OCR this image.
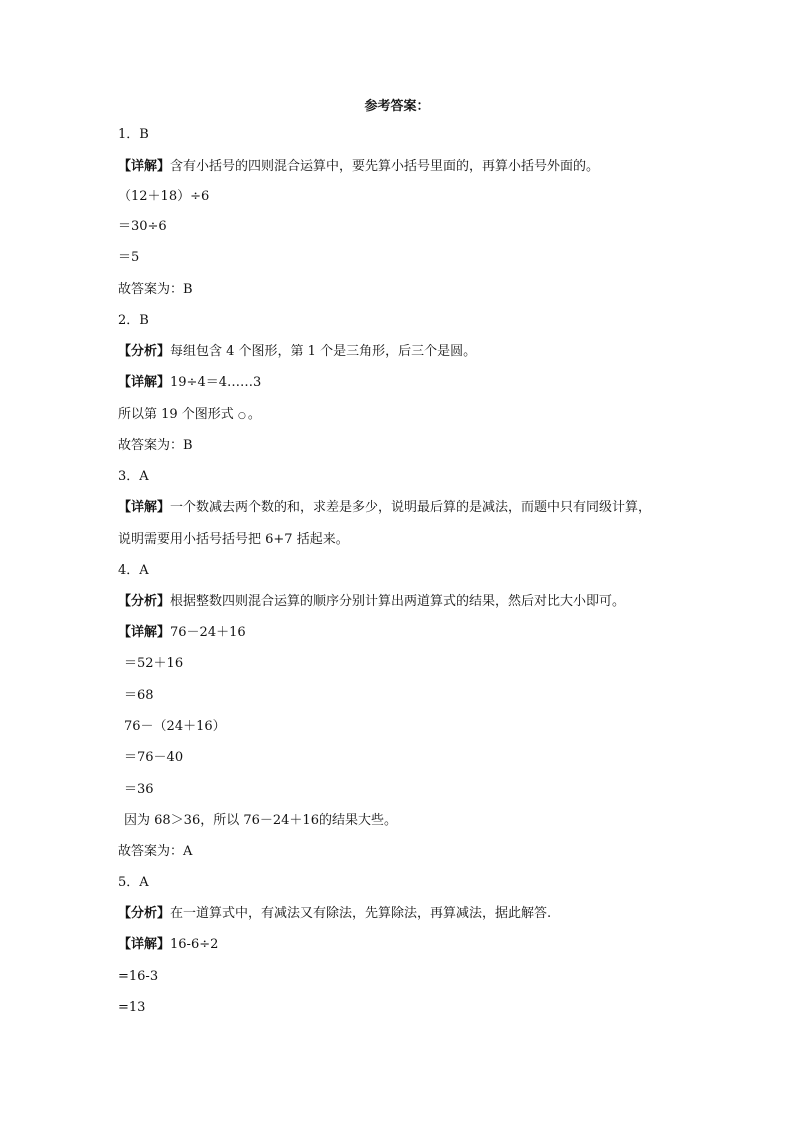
参考答案：
1．B
【详解】含有小括号的四则混合运算中，要先算小括号里面的，再算小括号外面的。
（12＋18）÷6
＝30÷6
＝5
故答案为：B
2．B
【分析】每组包含 4 个图形，第 1 个是三角形，后三个是圆。
【详解】19÷4＝4……3
所以第 19 个图形式 ○ 。
故答案为：B
3．A
【详解】一个数减去两个数的和，求差是多少，说明最后算的是减法，而题中只有同级计算，
说明需要用小括号括号把 6+7 括起来。
4．A
【分析】根据整数四则混合运算的顺序分别计算出两道算式的结果，然后对比大小即可。
【详解】76－24＋16
＝52＋16
＝68
76－（24＋16）
＝76－40
＝36
因为 68＞36，所以 76－24＋16的结果大些。
故答案为：A
5．A
【分析】在一道算式中，有减法又有除法，先算除法，再算减法，据此解答.
【详解】16-6÷2
=16-3
=13
